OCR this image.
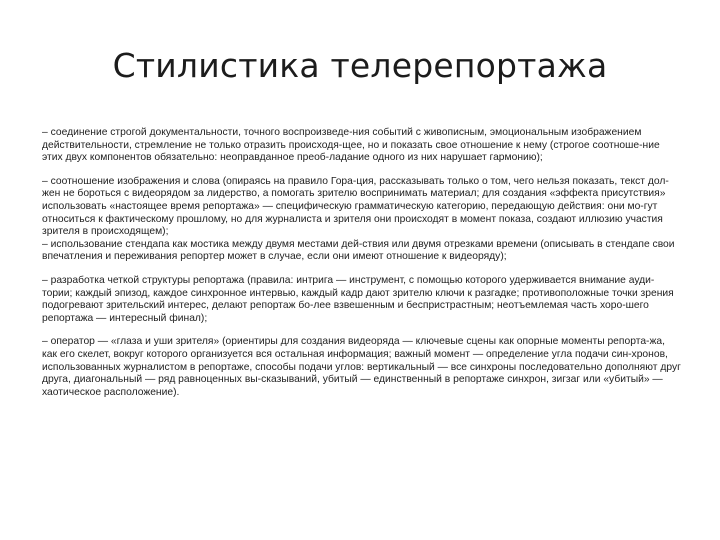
Стилистика телерепортажа

– соединение строгой документальности, точного воспроизведе-ния событий с живописным, эмоциональным изображением действительности, стремление не только отразить происходя-щее, но и показать свое отношение к нему (строгое соотноше-ние этих двух компонентов обязательно: неоправданное преоб-ладание одного из них нарушает гармонию);

– соотношение изображения и слова (опираясь на правило Гора-ция, рассказывать только о том, чего нельзя показать, текст дол-жен не бороться с видеорядом за лидерство, а помогать зрителю воспринимать материал; для создания «эффекта присутствия» использовать «настоящее время репортажа» — специфическую грамматическую категорию, передающую действия: они мо-гут относиться к фактическому прошлому, но для журналиста и зрителя они происходят в момент показа, создают иллюзию участия зрителя в происходящем);

– использование стендапа как мостика между двумя местами дей-ствия или двумя отрезками времени (описывать в стендапе свои впечатления и переживания репортер может в случае, если они имеют отношение к видеоряду);

– разработка четкой структуры репортажа (правила: интрига — инструмент, с помощью которого удерживается внимание ауди-тории; каждый эпизод, каждое синхронное интервью, каждый кадр дают зрителю ключи к разгадке; противоположные точки зрения подогревают зрительский интерес, делают репортаж бо-лее взвешенным и беспристрастным; неотъемлемая часть хоро-шего репортажа — интересный финал);

– оператор — «глаза и уши зрителя» (ориентиры для создания видеоряда — ключевые сцены как опорные моменты репорта-жа, как его скелет, вокруг которого организуется вся остальная информация; важный момент — определение угла подачи син-хронов, использованных журналистом в репортаже, способы подачи углов: вертикальный — все синхроны последовательно дополняют друг друга, диагональный — ряд равноценных вы-сказываний, убитый — единственный в репортаже синхрон, зигзаг или «убитый» — хаотическое расположение).
